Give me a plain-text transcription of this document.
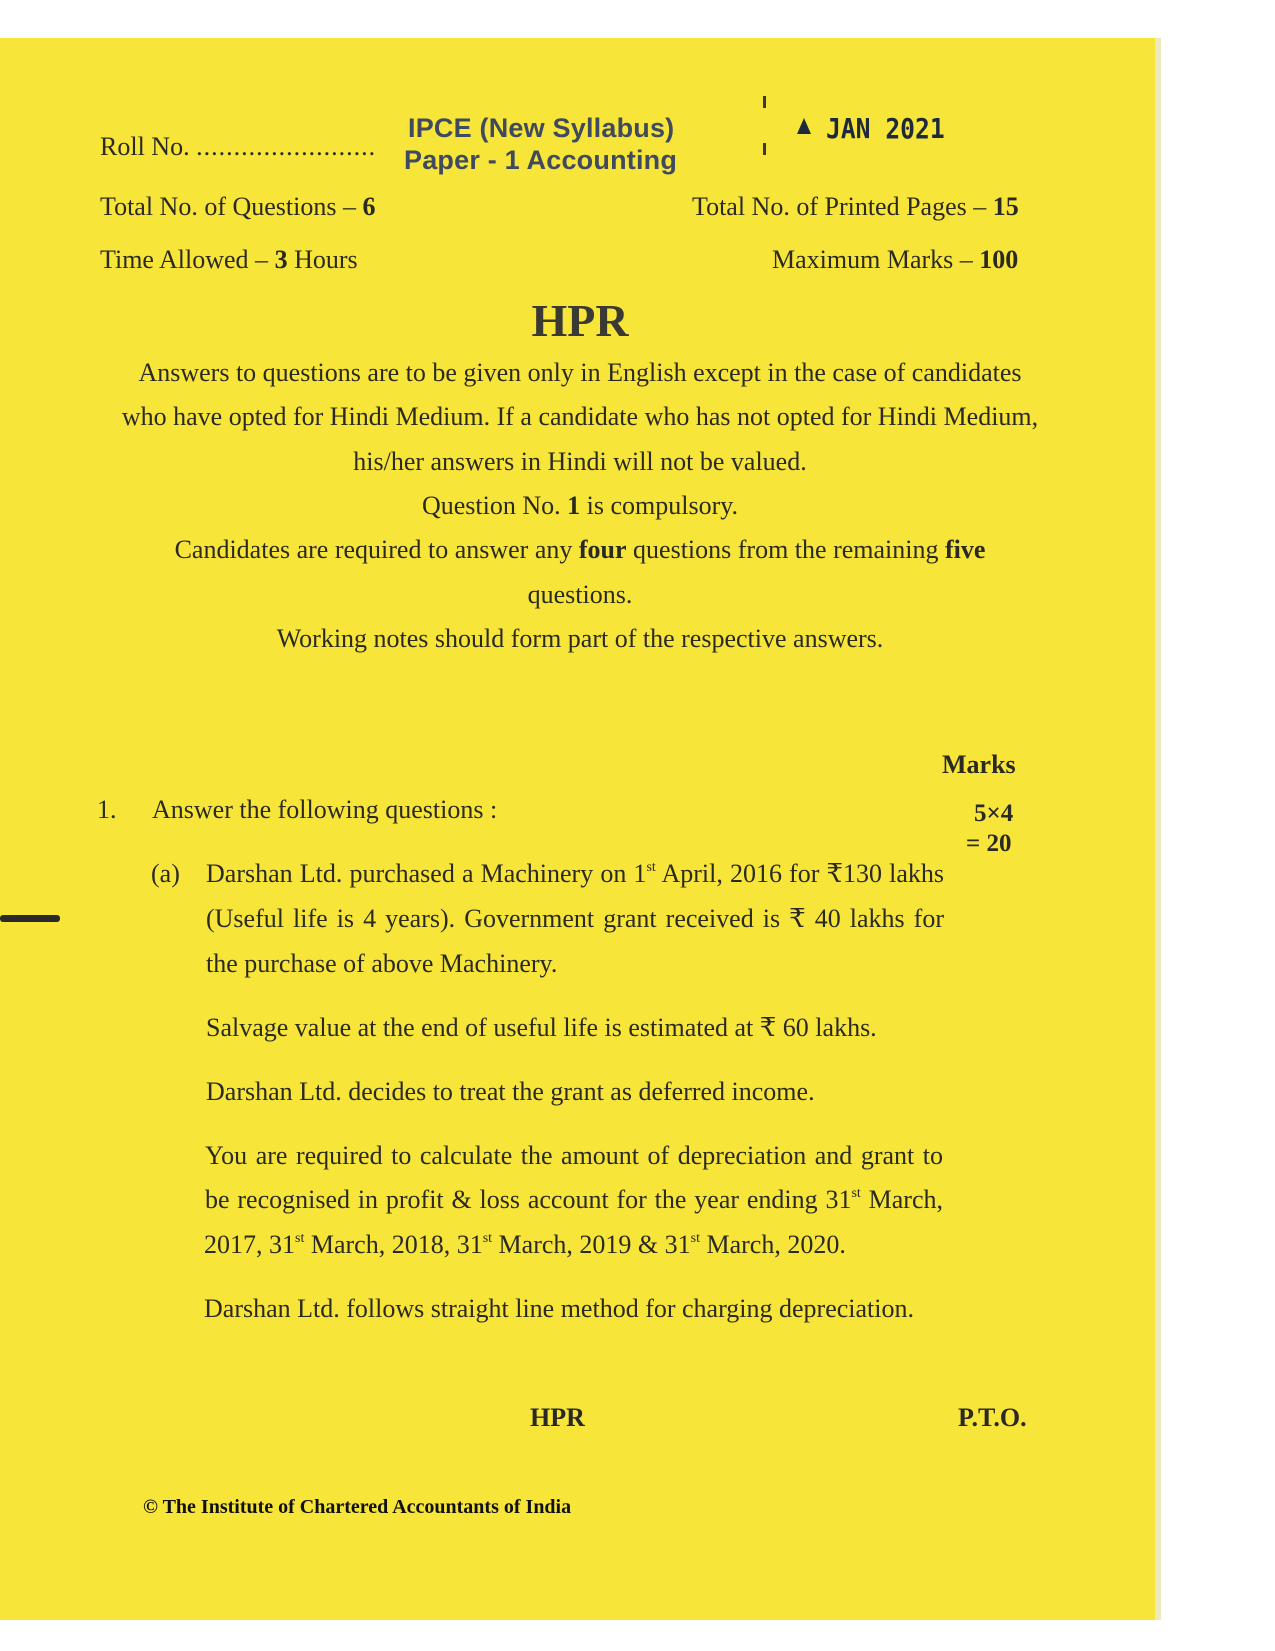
Roll No. ........................
IPCE (New Syllabus)
Paper - 1 Accounting
JAN 2021
Total No. of Questions – 6	Total No. of Printed Pages – 15
Time Allowed – 3 Hours	Maximum Marks – 100
HPR
Answers to questions are to be given only in English except in the case of candidates
who have opted for Hindi Medium. If a candidate who has not opted for Hindi Medium,
his/her answers in Hindi will not be valued.
Question No. 1 is compulsory.
Candidates are required to answer any four questions from the remaining five
questions.
Working notes should form part of the respective answers.
Marks
1. Answer the following questions :	5×4
= 20
(a) Darshan Ltd. purchased a Machinery on 1st April, 2016 for ₹130 lakhs
(Useful life is 4 years). Government grant received is ₹ 40 lakhs for
the purchase of above Machinery.
Salvage value at the end of useful life is estimated at ₹ 60 lakhs.
Darshan Ltd. decides to treat the grant as deferred income.
You are required to calculate the amount of depreciation and grant to
be recognised in profit & loss account for the year ending 31st March,
2017, 31st March, 2018, 31st March, 2019 & 31st March, 2020.
Darshan Ltd. follows straight line method for charging depreciation.
HPR	P.T.O.
© The Institute of Chartered Accountants of India
